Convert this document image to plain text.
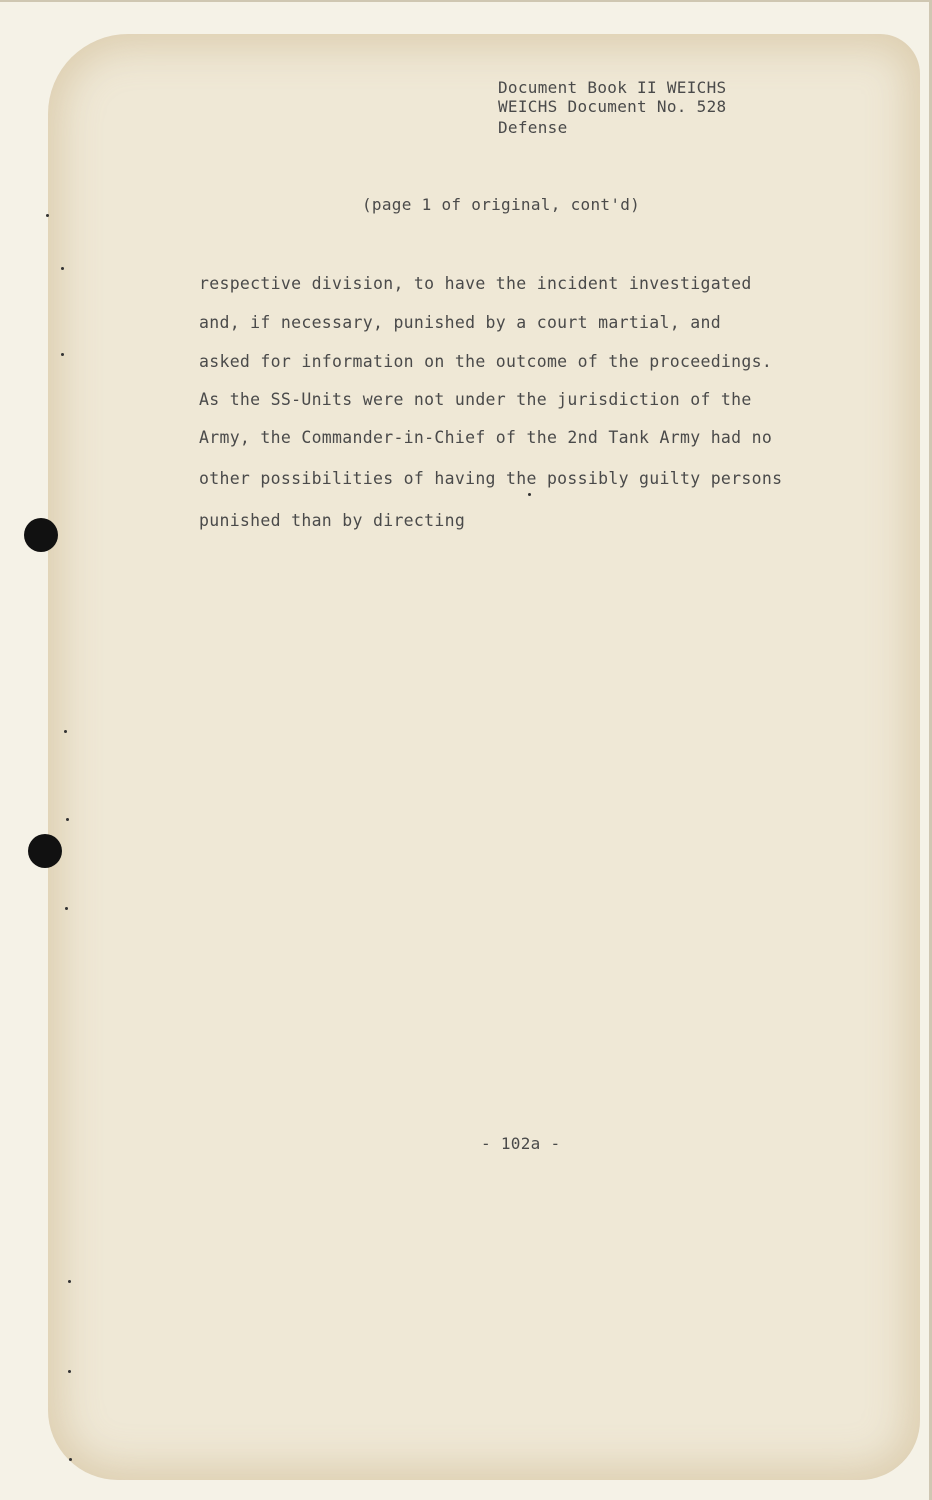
Document Book II WEICHS
WEICHS Document No. 528
Defense
(page 1 of original, cont'd)
respective division, to have the incident investigated
and, if necessary, punished by a court martial, and
asked for information on the outcome of the proceedings.
As the SS-Units were not under the jurisdiction of the
Army, the Commander-in-Chief of the 2nd Tank Army had no
other possibilities of having the possibly guilty persons
punished than by directing
- 102a -
